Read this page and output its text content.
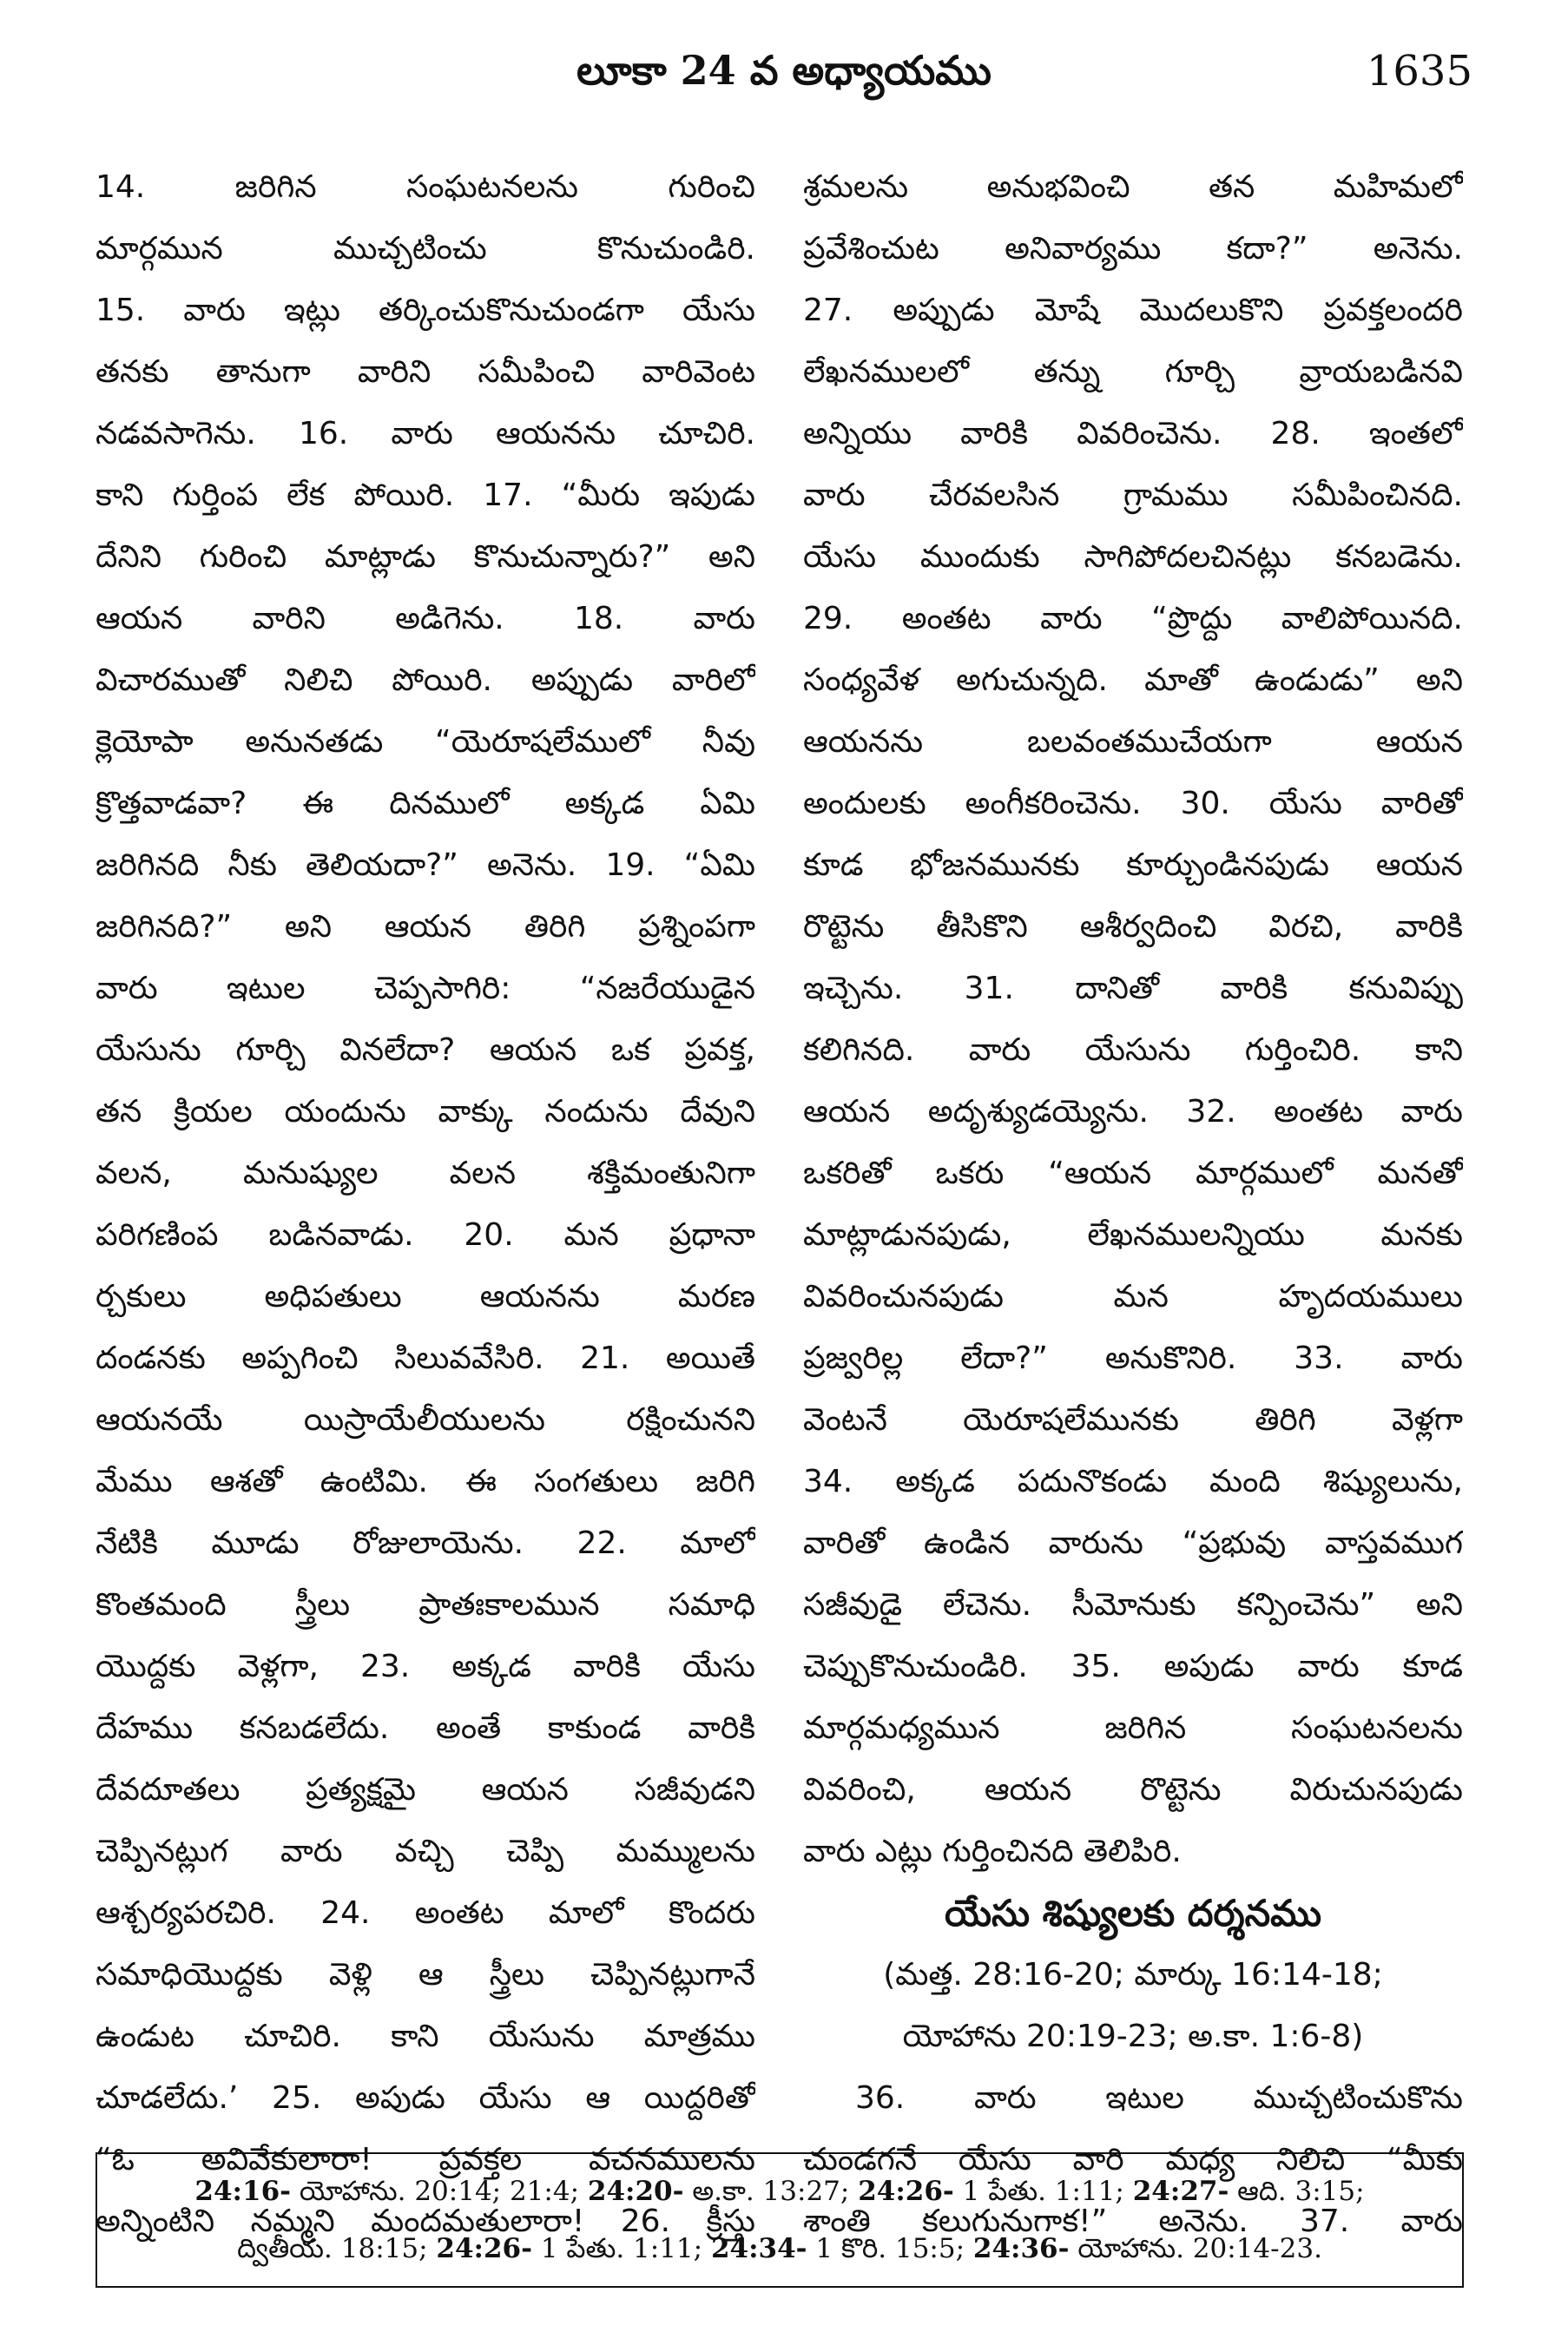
లూకా 24 వ అధ్యాయము	1635
14. జరిగిన సంఘటనలను గురించి
మార్గమున ముచ్చటించు కొనుచుండిరి.
15. వారు ఇట్లు తర్కించుకొనుచుండగా యేసు
తనకు తానుగా వారిని సమీపించి వారివెంట
నడవసాగెను. 16. వారు ఆయనను చూచిరి.
కాని గుర్తింప లేక పోయిరి. 17. “మీరు ఇపుడు
దేనిని గురించి మాట్లాడు కొనుచున్నారు?” అని
ఆయన వారిని అడిగెను. 18. వారు
విచారముతో నిలిచి పోయిరి. అప్పుడు వారిలో
క్లెయోపా అనునతడు “యెరూషలేములో నీవు
క్రొత్తవాడవా? ఈ దినములో అక్కడ ఏమి
జరిగినది నీకు తెలియదా?” అనెను. 19. “ఏమి
జరిగినది?” అని ఆయన తిరిగి ప్రశ్నింపగా
వారు ఇటుల చెప్పసాగిరి: “నజరేయుడైన
యేసును గూర్చి వినలేదా? ఆయన ఒక ప్రవక్త,
తన క్రియల యందును వాక్కు నందును దేవుని
వలన, మనుష్యుల వలన శక్తిమంతునిగా
పరిగణింప బడినవాడు. 20. మన ప్రధానా
ర్చకులు అధిపతులు ఆయనను మరణ
దండనకు అప్పగించి సిలువవేసిరి. 21. అయితే
ఆయనయే యిస్రాయేలీయులను రక్షించునని
మేము ఆశతో ఉంటిమి. ఈ సంగతులు జరిగి
నేటికి మూడు రోజులాయెను. 22. మాలో
కొంతమంది స్త్రీలు ప్రాతఃకాలమున సమాధి
యొద్దకు వెళ్లగా, 23. అక్కడ వారికి యేసు
దేహము కనబడలేదు. అంతే కాకుండ వారికి
దేవదూతలు ప్రత్యక్షమై ఆయన సజీవుడని
చెప్పినట్లుగ వారు వచ్చి చెప్పి మమ్ములను
ఆశ్చర్యపరచిరి. 24. అంతట మాలో కొందరు
సమాధియొద్దకు వెళ్లి ఆ స్త్రీలు చెప్పినట్లుగానే
ఉండుట చూచిరి. కాని యేసును మాత్రము
చూడలేదు.’ 25. అపుడు యేసు ఆ యిద్దరితో
“ఓ అవివేకులారా! ప్రవక్తల వచనములను
అన్నింటిని నమ్మని మందమతులారా! 26. క్రీస్తు
శ్రమలను అనుభవించి తన మహిమలో
ప్రవేశించుట అనివార్యము కదా?” అనెను.
27. అప్పుడు మోషే మొదలుకొని ప్రవక్తలందరి
లేఖనములలో తన్ను గూర్చి వ్రాయబడినవి
అన్నియు వారికి వివరించెను. 28. ఇంతలో
వారు చేరవలసిన గ్రామము సమీపించినది.
యేసు ముందుకు సాగిపోదలచినట్లు కనబడెను.
29. అంతట వారు “ప్రొద్దు వాలిపోయినది.
సంధ్యవేళ అగుచున్నది. మాతో ఉండుడు” అని
ఆయనను బలవంతముచేయగా ఆయన
అందులకు అంగీకరించెను. 30. యేసు వారితో
కూడ భోజనమునకు కూర్చుండినపుడు ఆయన
రొట్టెను తీసికొని ఆశీర్వదించి విరచి, వారికి
ఇచ్చెను. 31. దానితో వారికి కనువిప్పు
కలిగినది. వారు యేసును గుర్తించిరి. కాని
ఆయన అదృశ్యుడయ్యెను. 32. అంతట వారు
ఒకరితో ఒకరు “ఆయన మార్గములో మనతో
మాట్లాడునపుడు, లేఖనములన్నియు మనకు
వివరించునపుడు మన హృదయములు
ప్రజ్వరిల్ల లేదా?” అనుకొనిరి. 33. వారు
వెంటనే యెరూషలేమునకు తిరిగి వెళ్లగా
34. అక్కడ పదునొకండు మంది శిష్యులును,
వారితో ఉండిన వారును “ప్రభువు వాస్తవముగ
సజీవుడై లేచెను. సీమోనుకు కన్పించెను” అని
చెప్పుకొనుచుండిరి. 35. అపుడు వారు కూడ
మార్గమధ్యమున జరిగిన సంఘటనలను
వివరించి, ఆయన రొట్టెను విరుచునపుడు
వారు ఎట్లు గుర్తించినది తెలిపిరి.
యేసు శిష్యులకు దర్శనము
(మత్త. 28:16-20; మార్కు 16:14-18;
యోహాను 20:19-23; అ.కా. 1:6-8)
36. వారు ఇటుల ముచ్చటించుకొను
చుండగనే యేసు వారి మధ్య నిలిచి “మీకు
శాంతి కలుగునుగాక!” అనెను. 37. వారు
24:16- యోహాను. 20:14; 21:4; 24:20- అ.కా. 13:27; 24:26- 1 పేతు. 1:11; 24:27- ఆది. 3:15;
ద్వితీయ. 18:15; 24:26- 1 పేతు. 1:11; 24:34- 1 కొరి. 15:5; 24:36- యోహాను. 20:14-23.
